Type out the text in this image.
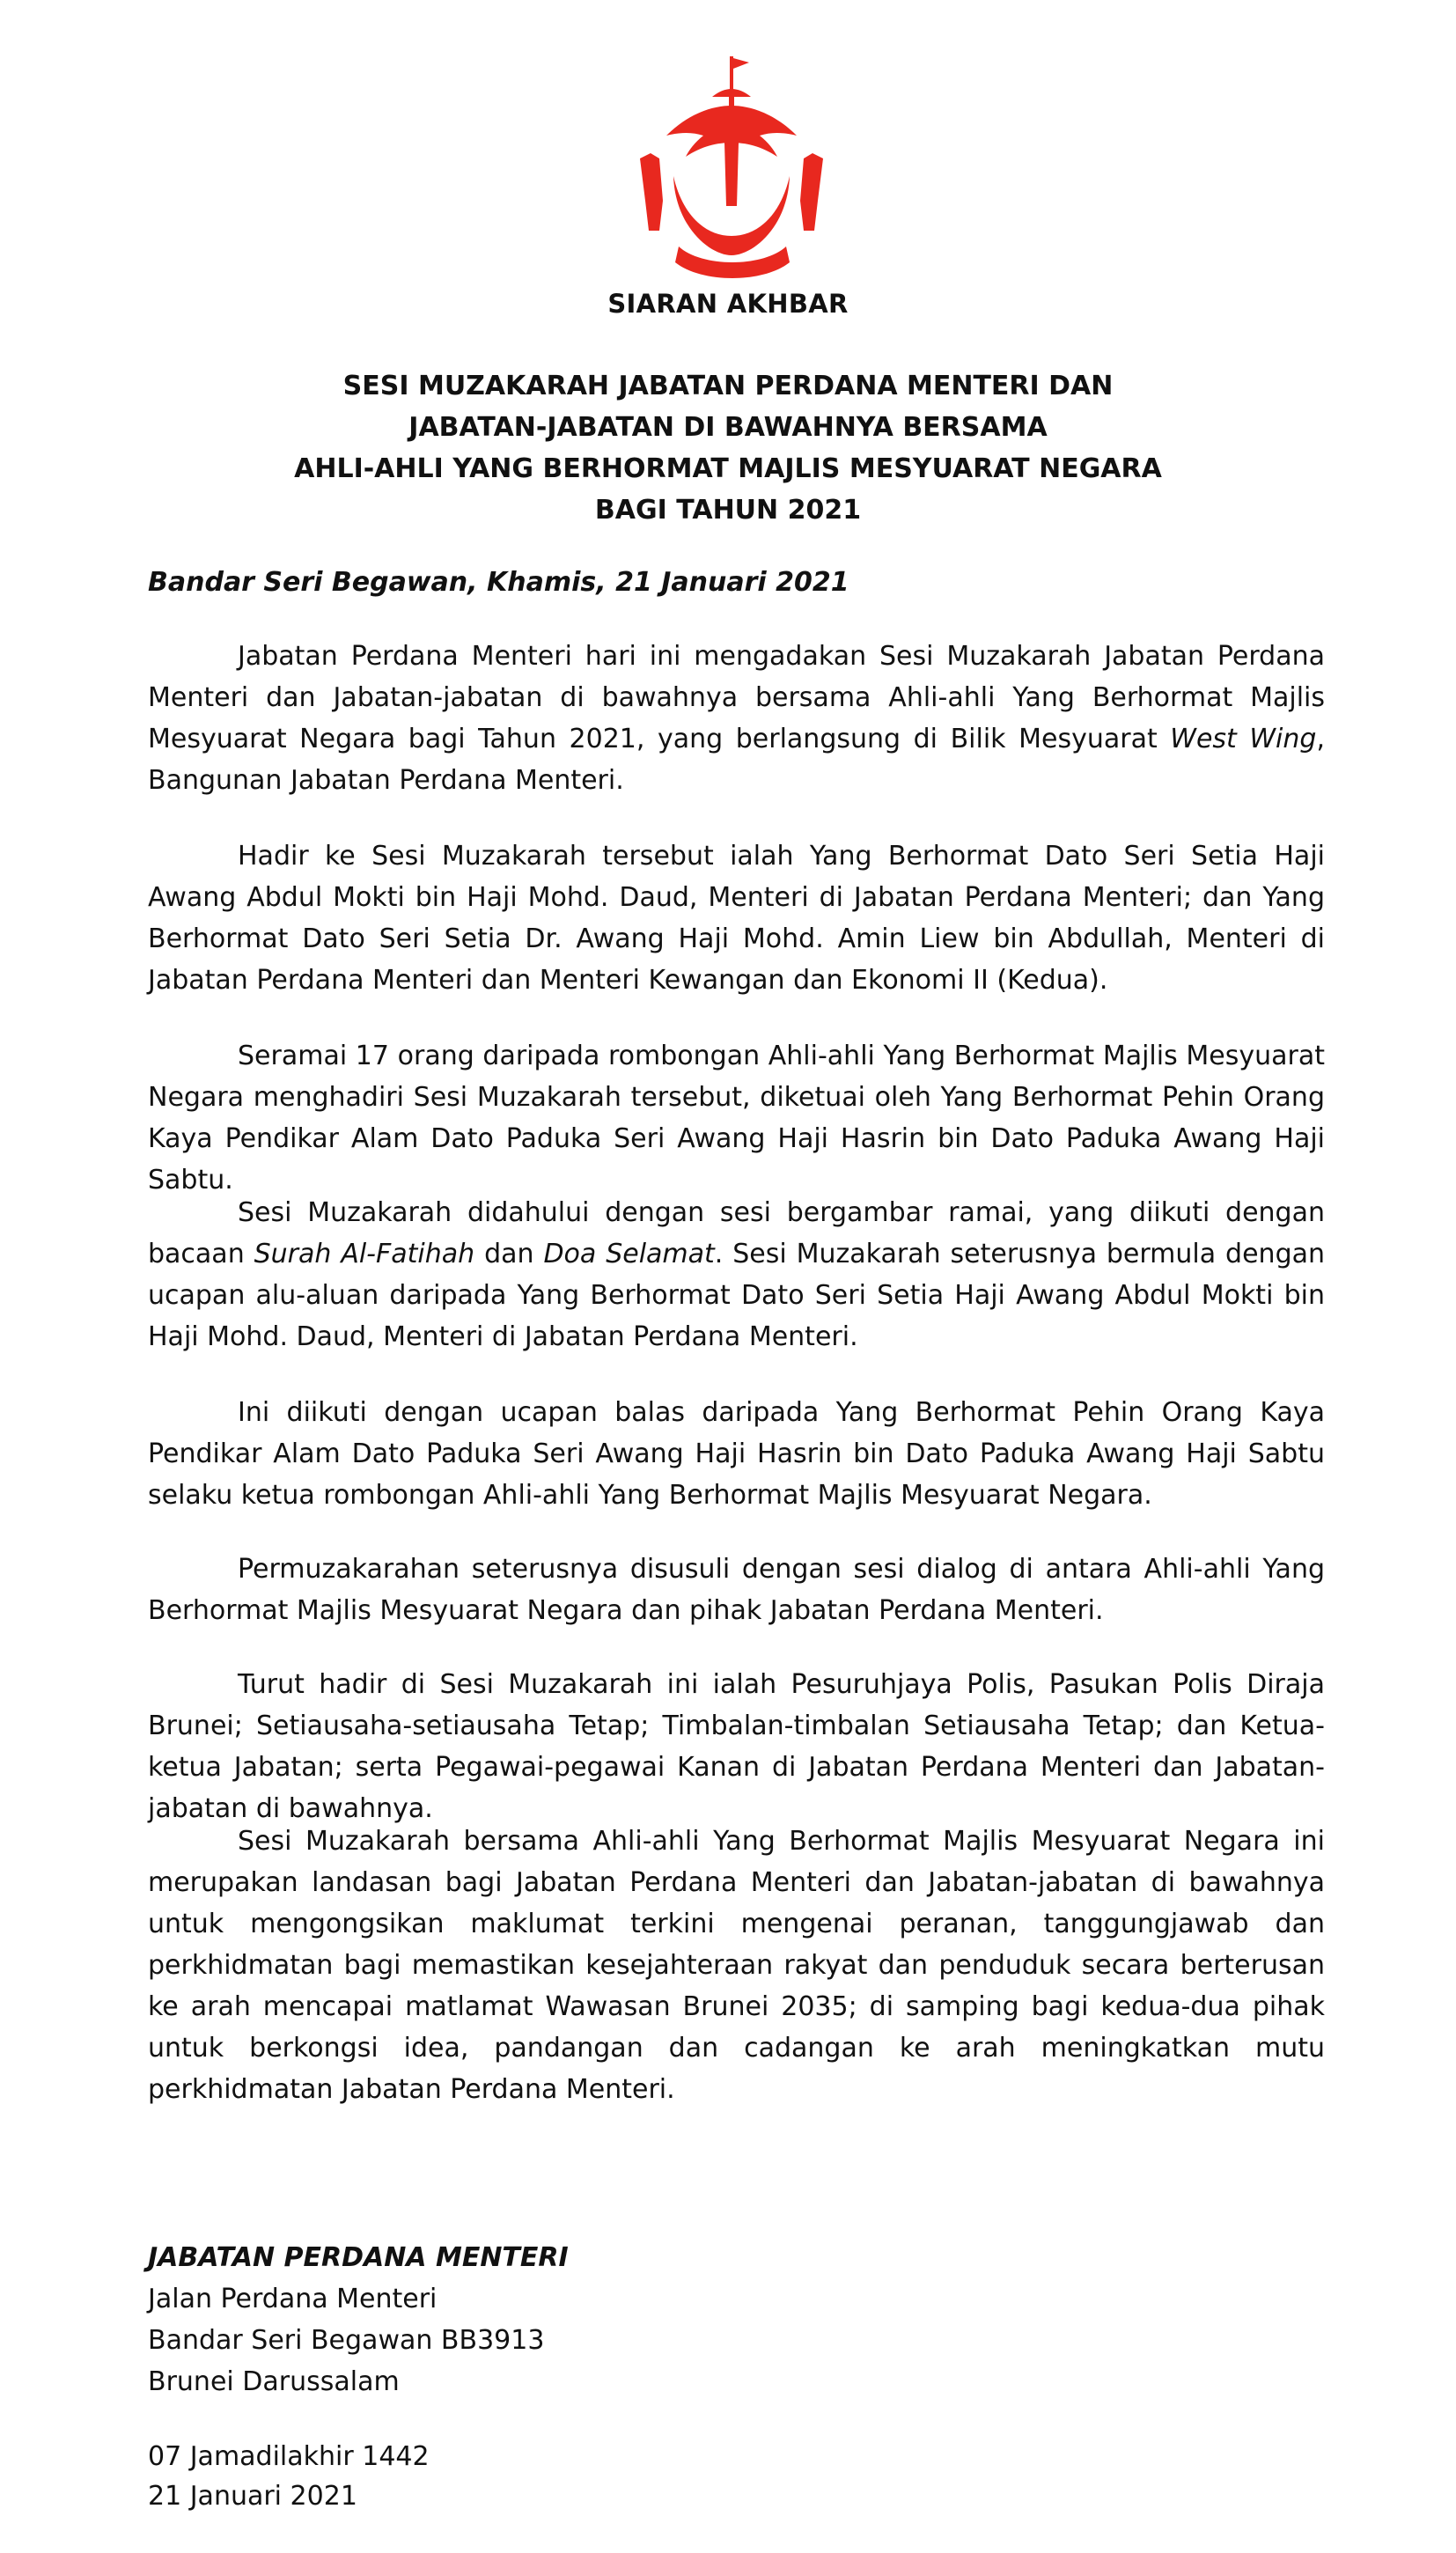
SIARAN AKHBAR
SESI MUZAKARAH JABATAN PERDANA MENTERI DAN
JABATAN-JABATAN DI BAWAHNYA BERSAMA
AHLI-AHLI YANG BERHORMAT MAJLIS MESYUARAT NEGARA
BAGI TAHUN 2021
Bandar Seri Begawan, Khamis, 21 Januari 2021

Jabatan Perdana Menteri hari ini mengadakan Sesi Muzakarah Jabatan Perdana Menteri dan Jabatan-jabatan di bawahnya bersama Ahli-ahli Yang Berhormat Majlis Mesyuarat Negara bagi Tahun 2021, yang berlangsung di Bilik Mesyuarat West Wing, Bangunan Jabatan Perdana Menteri.

Hadir ke Sesi Muzakarah tersebut ialah Yang Berhormat Dato Seri Setia Haji Awang Abdul Mokti bin Haji Mohd. Daud, Menteri di Jabatan Perdana Menteri; dan Yang Berhormat Dato Seri Setia Dr. Awang Haji Mohd. Amin Liew bin Abdullah, Menteri di Jabatan Perdana Menteri dan Menteri Kewangan dan Ekonomi II (Kedua).

Seramai 17 orang daripada rombongan Ahli-ahli Yang Berhormat Majlis Mesyuarat Negara menghadiri Sesi Muzakarah tersebut, diketuai oleh Yang Berhormat Pehin Orang Kaya Pendikar Alam Dato Paduka Seri Awang Haji Hasrin bin Dato Paduka Awang Haji Sabtu.

Sesi Muzakarah didahului dengan sesi bergambar ramai, yang diikuti dengan bacaan Surah Al-Fatihah dan Doa Selamat. Sesi Muzakarah seterusnya bermula dengan ucapan alu-aluan daripada Yang Berhormat Dato Seri Setia Haji Awang Abdul Mokti bin Haji Mohd. Daud, Menteri di Jabatan Perdana Menteri.

Ini diikuti dengan ucapan balas daripada Yang Berhormat Pehin Orang Kaya Pendikar Alam Dato Paduka Seri Awang Haji Hasrin bin Dato Paduka Awang Haji Sabtu selaku ketua rombongan Ahli-ahli Yang Berhormat Majlis Mesyuarat Negara.

Permuzakarahan seterusnya disusuli dengan sesi dialog di antara Ahli-ahli Yang Berhormat Majlis Mesyuarat Negara dan pihak Jabatan Perdana Menteri.

Turut hadir di Sesi Muzakarah ini ialah Pesuruhjaya Polis, Pasukan Polis Diraja Brunei; Setiausaha-setiausaha Tetap; Timbalan-timbalan Setiausaha Tetap; dan Ketua-ketua Jabatan; serta Pegawai-pegawai Kanan di Jabatan Perdana Menteri dan Jabatan-jabatan di bawahnya.

Sesi Muzakarah bersama Ahli-ahli Yang Berhormat Majlis Mesyuarat Negara ini merupakan landasan bagi Jabatan Perdana Menteri dan Jabatan-jabatan di bawahnya untuk mengongsikan maklumat terkini mengenai peranan, tanggungjawab dan perkhidmatan bagi memastikan kesejahteraan rakyat dan penduduk secara berterusan ke arah mencapai matlamat Wawasan Brunei 2035; di samping bagi kedua-dua pihak untuk berkongsi idea, pandangan dan cadangan ke arah meningkatkan mutu perkhidmatan Jabatan Perdana Menteri.

JABATAN PERDANA MENTERI
Jalan Perdana Menteri
Bandar Seri Begawan BB3913
Brunei Darussalam
07 Jamadilakhir 1442
21 Januari 2021
